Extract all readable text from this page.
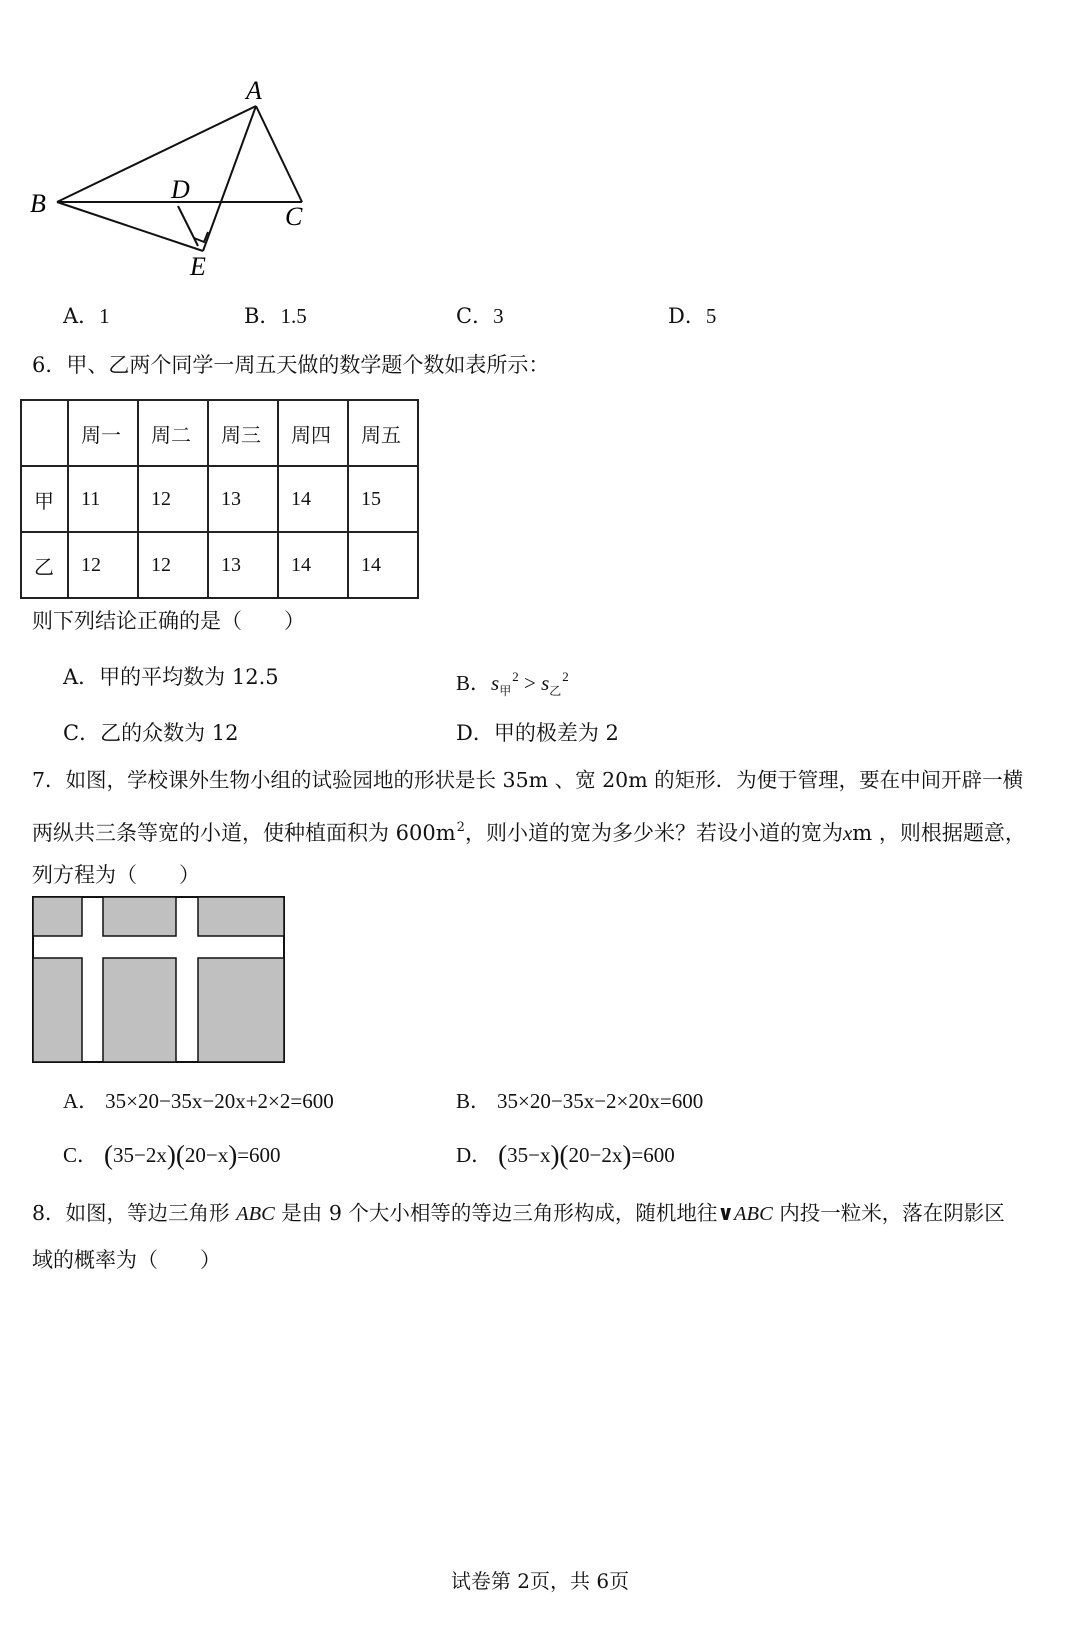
A
B	D
C
E
A．1	B．1.5	C．3	D．5
6．甲、乙两个同学一周五天做的数学题个数如表所示：
	周一	周二	周三	周四	周五
甲	11	12	13	14	15
乙	12	12	13	14	14
则下列结论正确的是（　　）
A．甲的平均数为 12.5	B．$s_甲^2 > s_乙^2$
C．乙的众数为 12	D．甲的极差为 2
7．如图，学校课外生物小组的试验园地的形状是长 35m 、宽 20m 的矩形．为便于管理，要在中间开辟一横
两纵共三条等宽的小道，使种植面积为 $600m^2$，则小道的宽为多少米？若设小道的宽为xm ，则根据题意，
列方程为（　　）
A． 35×20−35x−20x+2×2=600	B． 35×20−35x−2×20x=600
C． (35−2x)(20−x)=600	D． (35−x)(20−2x)=600
8．如图，等边三角形 ABC 是由 9 个大小相等的等边三角形构成，随机地往∨ABC 内投一粒米，落在阴影区
域的概率为（　　）
试卷第 2页，共 6页
